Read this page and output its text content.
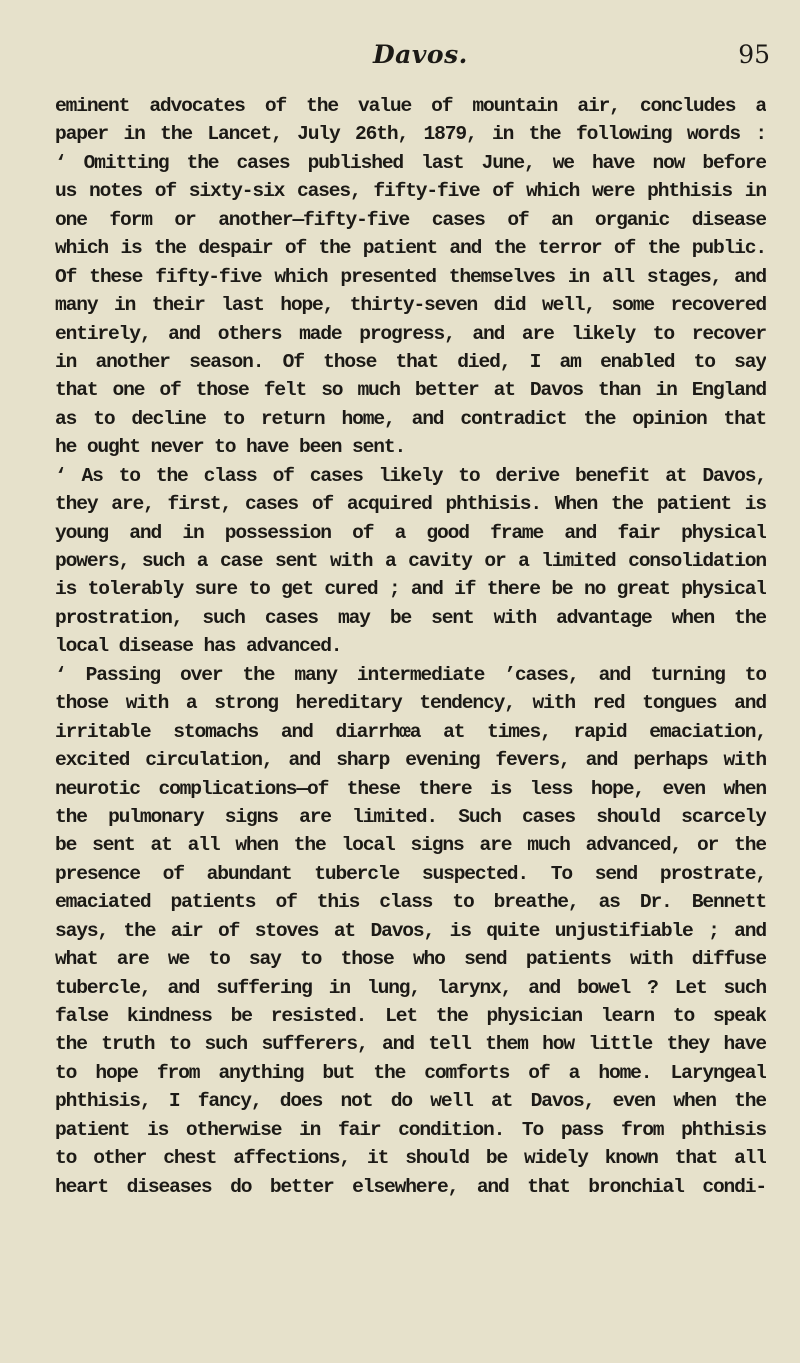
Davos.	95
eminent advocates of the value of mountain air, concludes a
paper in the Lancet, July 26th, 1879, in the following words :
‘ Omitting the cases published last June, we have now before
us notes of sixty-six cases, fifty-five of which were phthisis in
one form or another—fifty-five cases of an organic disease
which is the despair of the patient and the terror of the public.
Of these fifty-five which presented themselves in all stages, and
many in their last hope, thirty-seven did well, some recovered
entirely, and others made progress, and are likely to recover
in another season. Of those that died, I am enabled to say
that one of those felt so much better at Davos than in England
as to decline to return home, and contradict the opinion that
he ought never to have been sent.
‘ As to the class of cases likely to derive benefit at Davos,
they are, first, cases of acquired phthisis. When the patient is
young and in possession of a good frame and fair physical
powers, such a case sent with a cavity or a limited consolidation
is tolerably sure to get cured ; and if there be no great physical
prostration, such cases may be sent with advantage when the
local disease has advanced.
‘ Passing over the many intermediate ’cases, and turning to
those with a strong hereditary tendency, with red tongues and
irritable stomachs and diarrhœa at times, rapid emaciation,
excited circulation, and sharp evening fevers, and perhaps with
neurotic complications—of these there is less hope, even when
the pulmonary signs are limited. Such cases should scarcely
be sent at all when the local signs are much advanced, or the
presence of abundant tubercle suspected. To send prostrate,
emaciated patients of this class to breathe, as Dr. Bennett
says, the air of stoves at Davos, is quite unjustifiable ; and
what are we to say to those who send patients with diffuse
tubercle, and suffering in lung, larynx, and bowel ? Let such
false kindness be resisted. Let the physician learn to speak
the truth to such sufferers, and tell them how little they have
to hope from anything but the comforts of a home. Laryngeal
phthisis, I fancy, does not do well at Davos, even when the
patient is otherwise in fair condition. To pass from phthisis
to other chest affections, it should be widely known that all
heart diseases do better elsewhere, and that bronchial condi-
